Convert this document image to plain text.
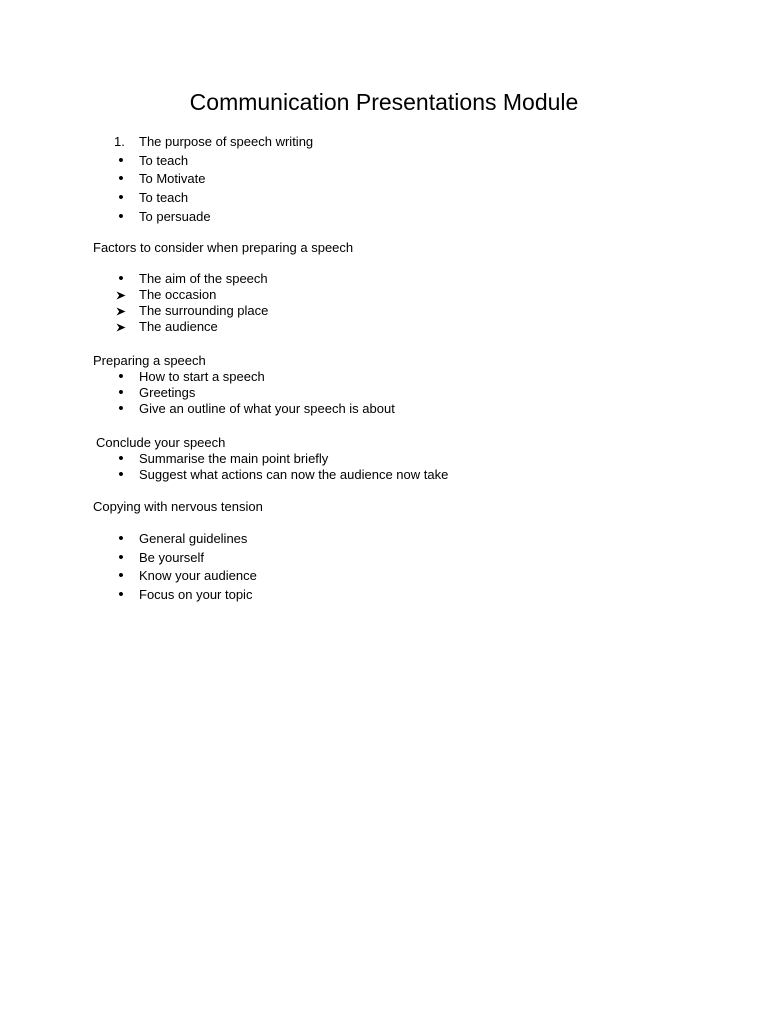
Communication Presentations Module
1.	The purpose of speech writing
•	To teach
•	To Motivate
•	To teach
•	To persuade
Factors to consider when preparing a speech
•	The aim of the speech
The occasion
The surrounding place
The audience
Preparing a speech
•	How to start a speech
•	Greetings
•	Give an outline of what your speech is about
Conclude your speech
•	Summarise the main point briefly
•	Suggest what actions can now the audience now take
Copying with nervous tension
•	General guidelines
•	Be yourself
•	Know your audience
•	Focus on your topic
